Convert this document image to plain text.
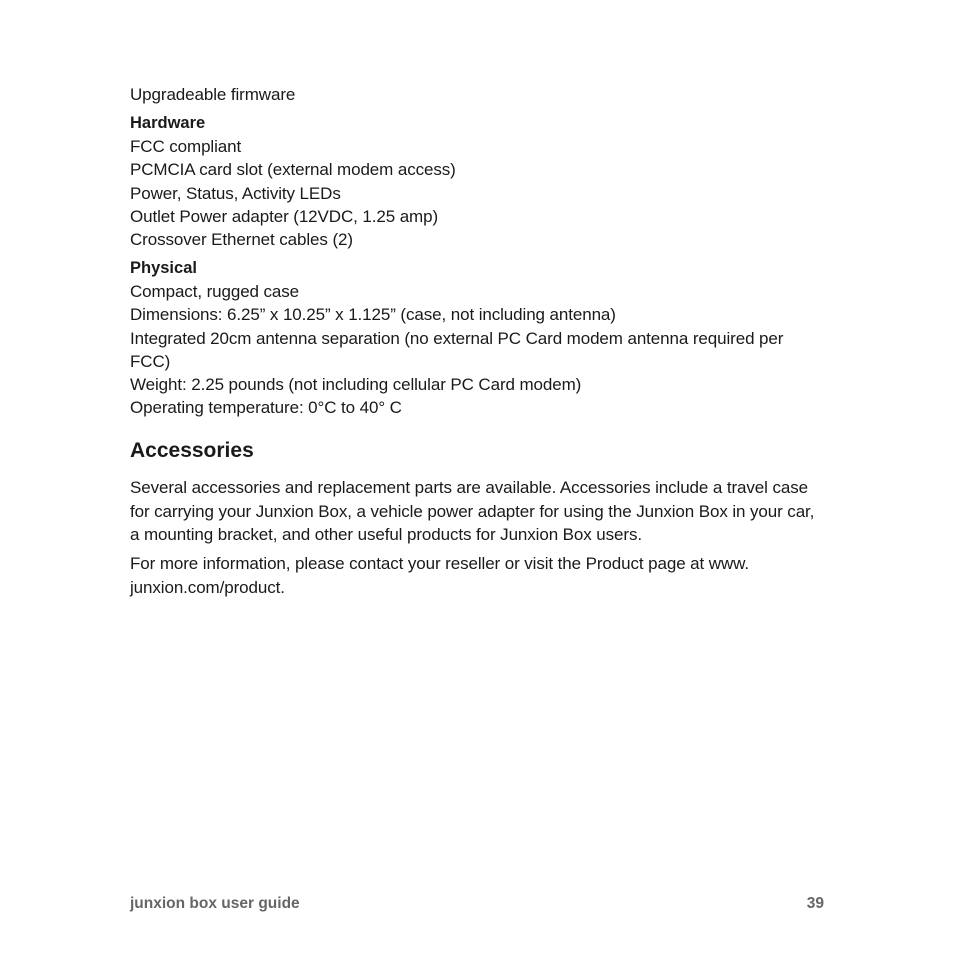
Upgradeable firmware

Hardware

FCC compliant

PCMCIA card slot (external modem access)

Power, Status, Activity LEDs

Outlet Power adapter (12VDC, 1.25 amp)

Crossover Ethernet cables (2)

Physical

Compact, rugged case

Dimensions: 6.25” x 10.25” x 1.125” (case, not including antenna)

Integrated 20cm antenna separation (no external PC Card modem antenna required per FCC)

Weight: 2.25 pounds (not including cellular PC Card modem)

Operating temperature: 0°C to 40° C

Accessories

Several accessories and replacement parts are available. Accessories include a travel case for carrying your Junxion Box, a vehicle power adapter for using the Junxion Box in your car, a mounting bracket, and other useful products for Junxion Box users.

For more information, please contact your reseller or visit the Product page at www. junxion.com/product.

junxion box user guide	39
